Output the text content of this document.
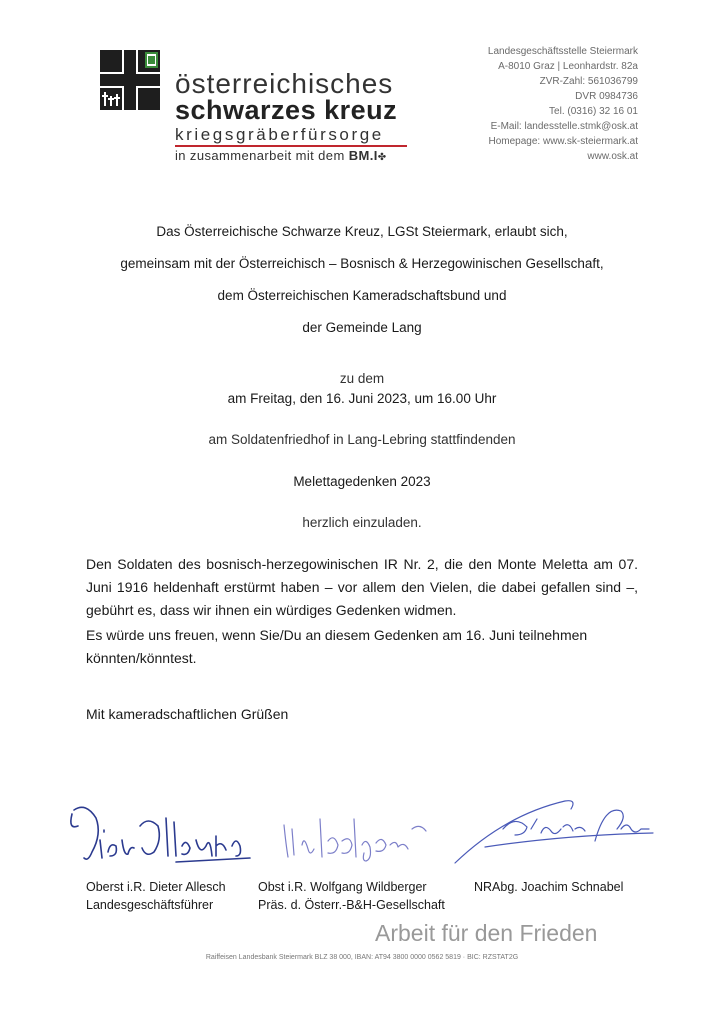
österreichisches
schwarzes kreuz
kriegsgräberfürsorge
in zusammenarbeit mit dem BM.I✤
Landesgeschäftsstelle Steiermark
A-8010 Graz | Leonhardstr. 82a
ZVR-Zahl: 561036799
DVR 0984736
Tel. (0316) 32 16 01
E-Mail: landesstelle.stmk@osk.at
Homepage: www.sk-steiermark.at
www.osk.at
Das Österreichische Schwarze Kreuz, LGSt Steiermark, erlaubt sich,
gemeinsam mit der Österreichisch – Bosnisch & Herzegowinischen Gesellschaft,
dem Österreichischen Kameradschaftsbund und
der Gemeinde Lang
zu dem
am Freitag, den 16. Juni 2023, um 16.00 Uhr
am Soldatenfriedhof in Lang-Lebring stattfindenden
Melettagedenken 2023
herzlich einzuladen.
Den Soldaten des bosnisch-herzegowinischen IR Nr. 2, die den Monte Meletta am 07. Juni 1916 heldenhaft erstürmt haben – vor allem den Vielen, die dabei gefallen sind –, gebührt es, dass wir ihnen ein würdiges Gedenken widmen.
Es würde uns freuen, wenn Sie/Du an diesem Gedenken am 16. Juni teilnehmen könnten/könntest.
Mit kameradschaftlichen Grüßen
Oberst i.R. Dieter Allesch
Landesgeschäftsführer
Obst i.R. Wolfgang Wildberger
Präs. d. Österr.-B&H-Gesellschaft
NRAbg. Joachim Schnabel
Arbeit für den Frieden
Raiffeisen Landesbank Steiermark BLZ 38 000, IBAN: AT94 3800 0000 0562 5819 · BIC: RZSTAT2G
